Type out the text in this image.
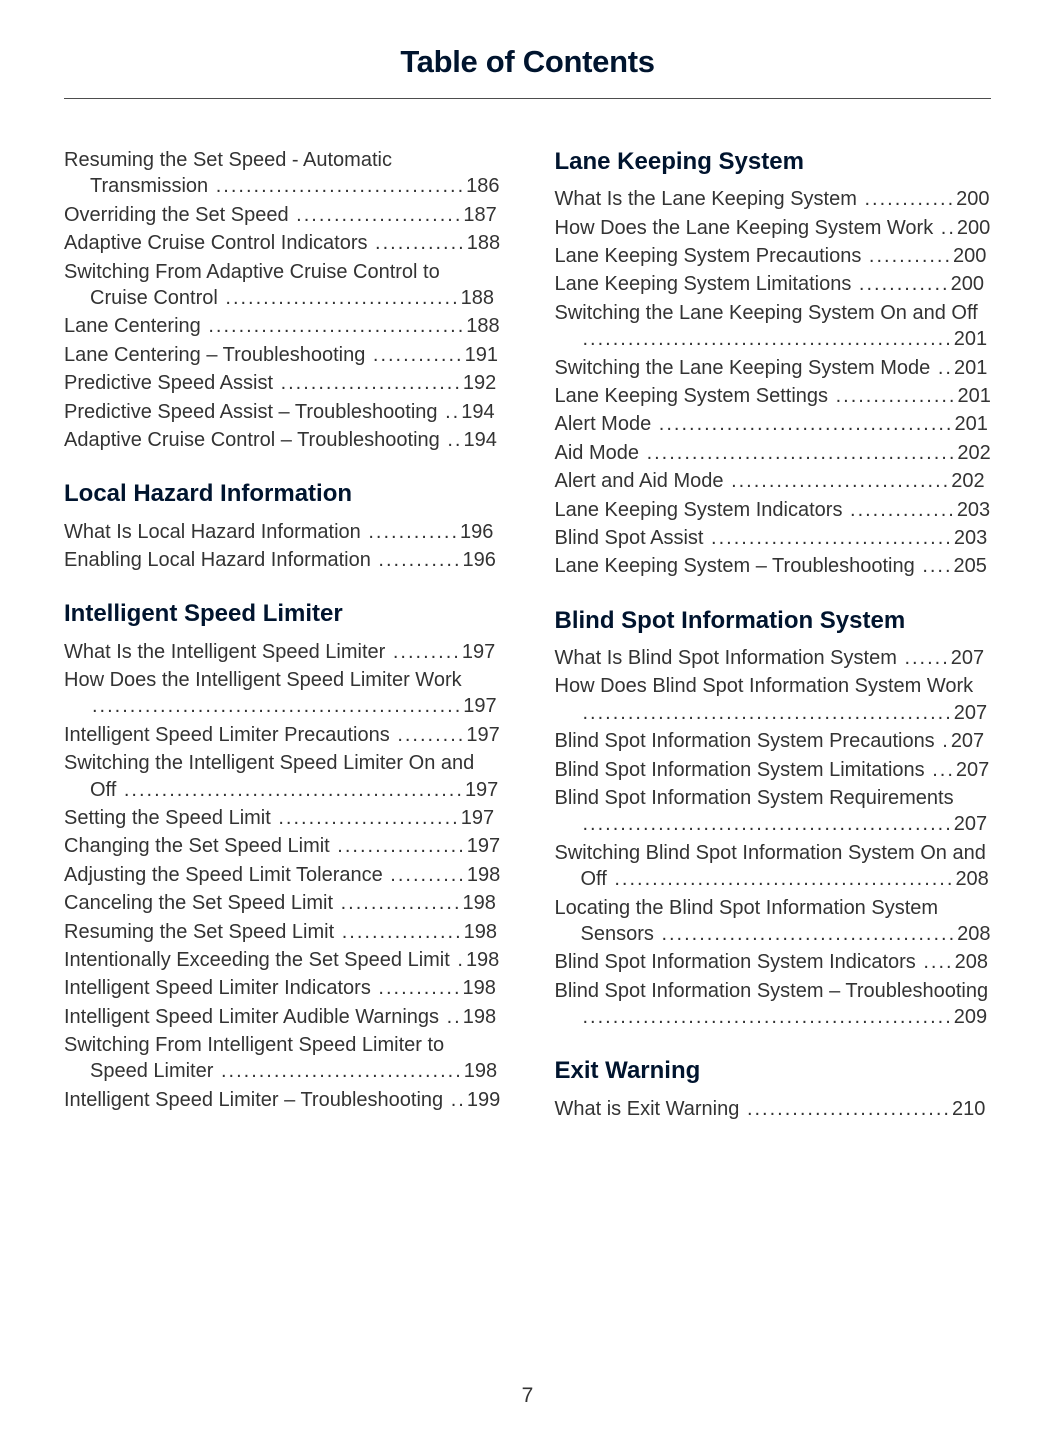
Table of Contents

Resuming the Set Speed - Automatic Transmission .................................186

Overriding the Set Speed ......................187

Adaptive Cruise Control Indicators ............188

Switching From Adaptive Cruise Control to Cruise Control ...............................188

Lane Centering ..................................188

Lane Centering – Troubleshooting ............191

Predictive Speed Assist ........................192

Predictive Speed Assist – Troubleshooting ..194

Adaptive Cruise Control – Troubleshooting ..194

Local Hazard Information

What Is Local Hazard Information ............196

Enabling Local Hazard Information ...........196

Intelligent Speed Limiter

What Is the Intelligent Speed Limiter .........197

How Does the Intelligent Speed Limiter Work .................................................197

Intelligent Speed Limiter Precautions .........197

Switching the Intelligent Speed Limiter On and Off .............................................197

Setting the Speed Limit ........................197

Changing the Set Speed Limit .................197

Adjusting the Speed Limit Tolerance ..........198

Canceling the Set Speed Limit ................198

Resuming the Set Speed Limit ................198

Intentionally Exceeding the Set Speed Limit .198

Intelligent Speed Limiter Indicators ...........198

Intelligent Speed Limiter Audible Warnings ..198

Switching From Intelligent Speed Limiter to Speed Limiter ................................198

Intelligent Speed Limiter – Troubleshooting ..199

Lane Keeping System

What Is the Lane Keeping System ............200

How Does the Lane Keeping System Work ..200

Lane Keeping System Precautions ...........200

Lane Keeping System Limitations ............200

Switching the Lane Keeping System On and Off .................................................201

Switching the Lane Keeping System Mode ..201

Lane Keeping System Settings ................201

Alert Mode .......................................201

Aid Mode .........................................202

Alert and Aid Mode .............................202

Lane Keeping System Indicators ..............203

Blind Spot Assist ................................203

Lane Keeping System – Troubleshooting ....205

Blind Spot Information System

What Is Blind Spot Information System ......207

How Does Blind Spot Information System Work .................................................207

Blind Spot Information System Precautions .207

Blind Spot Information System Limitations ...207

Blind Spot Information System Requirements .................................................207

Switching Blind Spot Information System On and Off .............................................208

Locating the Blind Spot Information System Sensors .......................................208

Blind Spot Information System Indicators ....208

Blind Spot Information System – Troubleshooting .................................................209

Exit Warning

What is Exit Warning ...........................210

7
